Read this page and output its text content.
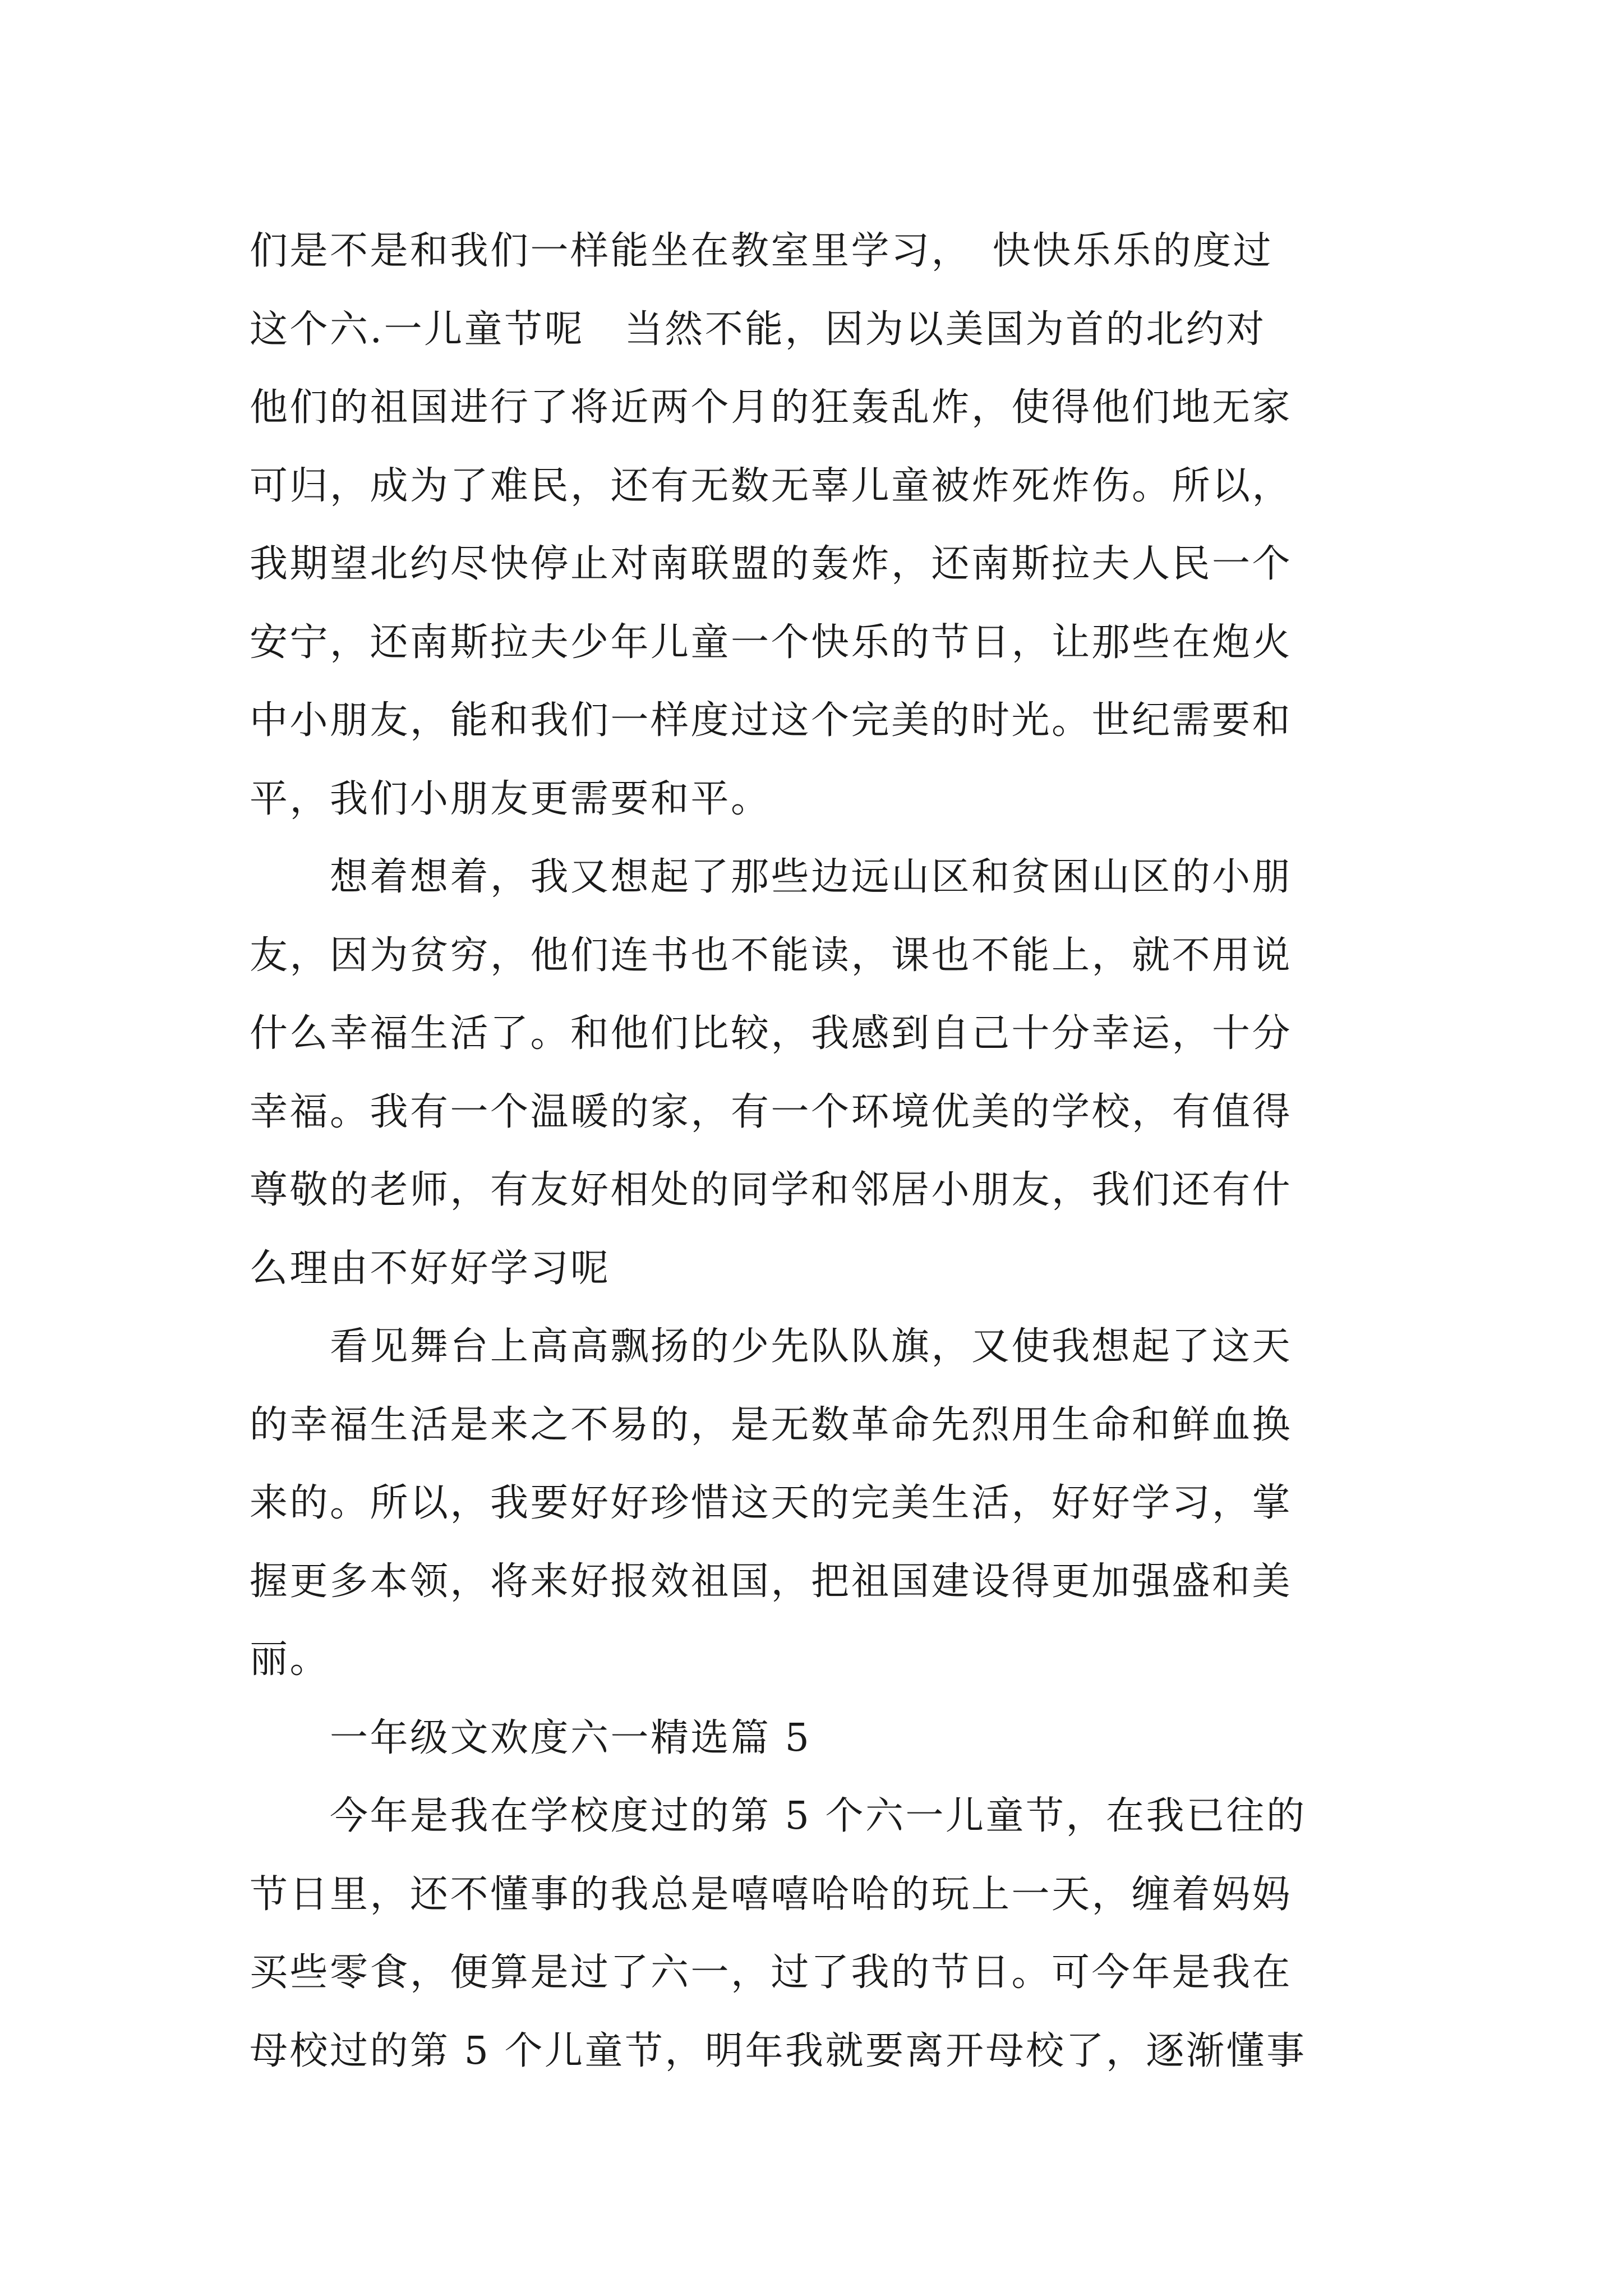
们是不是和我们一样能坐在教室里学习，　快快乐乐的度过
这个六.一儿童节呢　当然不能，因为以美国为首的北约对
他们的祖国进行了将近两个月的狂轰乱炸，使得他们地无家
可归，成为了难民，还有无数无辜儿童被炸死炸伤。所以，
我期望北约尽快停止对南联盟的轰炸，还南斯拉夫人民一个
安宁，还南斯拉夫少年儿童一个快乐的节日，让那些在炮火
中小朋友，能和我们一样度过这个完美的时光。世纪需要和
平，我们小朋友更需要和平。
　　想着想着，我又想起了那些边远山区和贫困山区的小朋
友，因为贫穷，他们连书也不能读，课也不能上，就不用说
什么幸福生活了。和他们比较，我感到自己十分幸运，十分
幸福。我有一个温暖的家，有一个环境优美的学校，有值得
尊敬的老师，有友好相处的同学和邻居小朋友，我们还有什
么理由不好好学习呢
　　看见舞台上高高飘扬的少先队队旗，又使我想起了这天
的幸福生活是来之不易的，是无数革命先烈用生命和鲜血换
来的。所以，我要好好珍惜这天的完美生活，好好学习，掌
握更多本领，将来好报效祖国，把祖国建设得更加强盛和美
丽。
　　一年级文欢度六一精选篇 5
　　今年是我在学校度过的第 5 个六一儿童节，在我已往的
节日里，还不懂事的我总是嘻嘻哈哈的玩上一天，缠着妈妈
买些零食，便算是过了六一，过了我的节日。可今年是我在
母校过的第 5 个儿童节，明年我就要离开母校了，逐渐懂事
